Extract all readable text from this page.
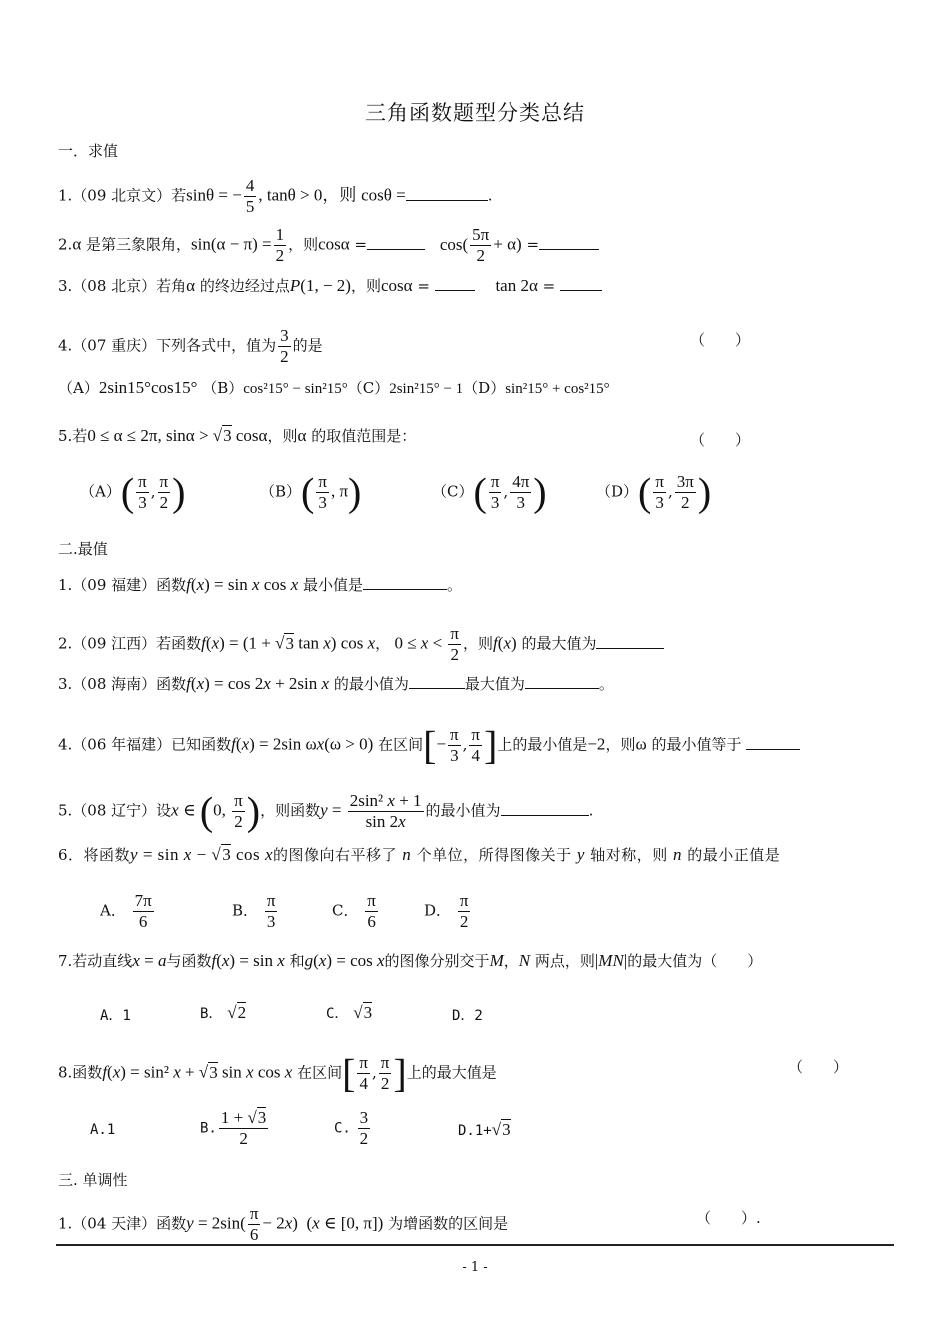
三角函数题型分类总结
一．求值
1.（09 北京文）若sinθ = − $\frac{4}{5}$ , tanθ > 0，则 cosθ =	.
2.α 是第三象限角，$\sin(\alpha - \pi) = \frac{1}{2}$ ，则cosα =	$\cos( \frac{5\pi}{2} + \alpha)$ =
3.（08 北京）若角α 的终边经过点P(1, − 2)，则cosα =	tan 2α =
4.（07 重庆）下列各式中，值为 $\frac{3}{2}$ 的是	（　　）
（A）2sin15°cos15° （B）cos²15° − sin²15°（C）2sin²15° − 1（D）sin²15° + cos²15°
5.若0 ≤ α ≤ 2π, sinα > √3 cosα，则α 的取值范围是：	（　　）
$(A)( \frac{\pi}{3}$ , $\frac{\pi}{2}$ )	$(B)( \frac{\pi}{3}$ , π)	$(C)( \frac{\pi}{3}$ , $\frac{4\pi}{3}$ )	$(D)( \frac{\pi}{3}$ , $\frac{3\pi}{2}$ )
二.最值
1.（09 福建）函数f(x) = sin x cos x 最小值是	。
2.（09 江西）若函数f(x) = (1 + √3 tan x) cos x， $0 \le x < \frac{\pi}{2}$ ，则f(x) 的最大值为
3.（08 海南）函数f(x) = cos 2x + 2sin x 的最小值为	最大值为	。
4.（06 年福建）已知函数f(x) = 2sin ωx(ω > 0) 在区间[− $\frac{\pi}{3}$ , $\frac{\pi}{4}$ ]上的最小值是−2，则ω 的最小值等于
5.（08 辽宁）设x ∈ (0, $\frac{\pi}{2}$ )，则函数$y = \frac{\text{2sin² x + 1}}{\sin 2x}$ 的最小值为	.
6．将函数y = sin x − √3 cos x的图像向右平移了 n 个单位，所得图像关于 y 轴对称，则 n 的最小正值是
A． $\frac{7\pi}{6}$	B． $\frac{\pi}{3}$	C． $\frac{\pi}{6}$	D． $\frac{\pi}{2}$
7.若动直线x = a与函数f(x) = sin x 和g(x) = cos x的图像分别交于M，N 两点，则|MN|的最大值为（　　）
A．1	B． √2	C． √3	D．2
8.函数f(x) = sin² x + √3 sin x cos x 在区间[ $\frac{\pi}{4}$ , $\frac{\pi}{2}$ ]上的最大值是	（　　）
A.1	B. $\frac{1 + √3}{2}$	C. $\frac{3}{2}$	D.1+√3
三. 单调性
1.（04 天津）函数$y = 2\sin( \frac{\pi}{6} - 2x)$  (x ∈ [0, π]) 为增函数的区间是	（　　）.
- 1 -
